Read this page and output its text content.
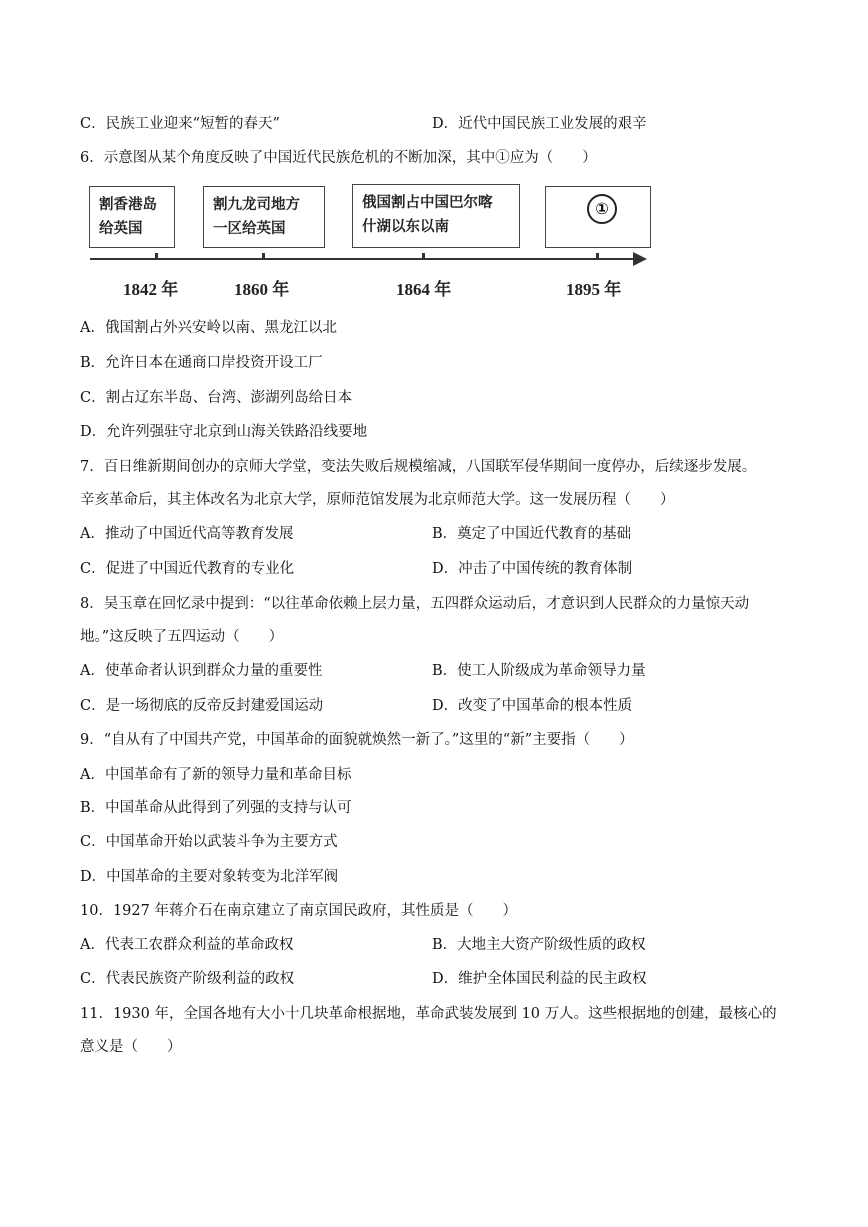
C．民族工业迎来“短暂的春天”	D．近代中国民族工业发展的艰辛
6．示意图从某个角度反映了中国近代民族危机的不断加深，其中①应为（　　）
割香港岛
给英国
割九龙司地方
一区给英国
俄国割占中国巴尔喀
什湖以东以南
①
1842 年	1860 年	1864 年	1895 年
A．俄国割占外兴安岭以南、黑龙江以北
B．允许日本在通商口岸投资开设工厂
C．割占辽东半岛、台湾、澎湖列岛给日本
D．允许列强驻守北京到山海关铁路沿线要地
7．百日维新期间创办的京师大学堂，变法失败后规模缩减，八国联军侵华期间一度停办，后续逐步发展。
辛亥革命后，其主体改名为北京大学，原师范馆发展为北京师范大学。这一发展历程（　　）
A．推动了中国近代高等教育发展	B．奠定了中国近代教育的基础
C．促进了中国近代教育的专业化	D．冲击了中国传统的教育体制
8．吴玉章在回忆录中提到：“以往革命依赖上层力量，五四群众运动后，才意识到人民群众的力量惊天动
地。”这反映了五四运动（　　）
A．使革命者认识到群众力量的重要性	B．使工人阶级成为革命领导力量
C．是一场彻底的反帝反封建爱国运动	D．改变了中国革命的根本性质
9．“自从有了中国共产党，中国革命的面貌就焕然一新了。”这里的“新”主要指（　　）
A．中国革命有了新的领导力量和革命目标
B．中国革命从此得到了列强的支持与认可
C．中国革命开始以武装斗争为主要方式
D．中国革命的主要对象转变为北洋军阀
10．1927 年蒋介石在南京建立了南京国民政府，其性质是（　　）
A．代表工农群众利益的革命政权	B．大地主大资产阶级性质的政权
C．代表民族资产阶级利益的政权	D．维护全体国民利益的民主政权
11．1930 年，全国各地有大小十几块革命根据地，革命武装发展到 10 万人。这些根据地的创建，最核心的
意义是（　　）
